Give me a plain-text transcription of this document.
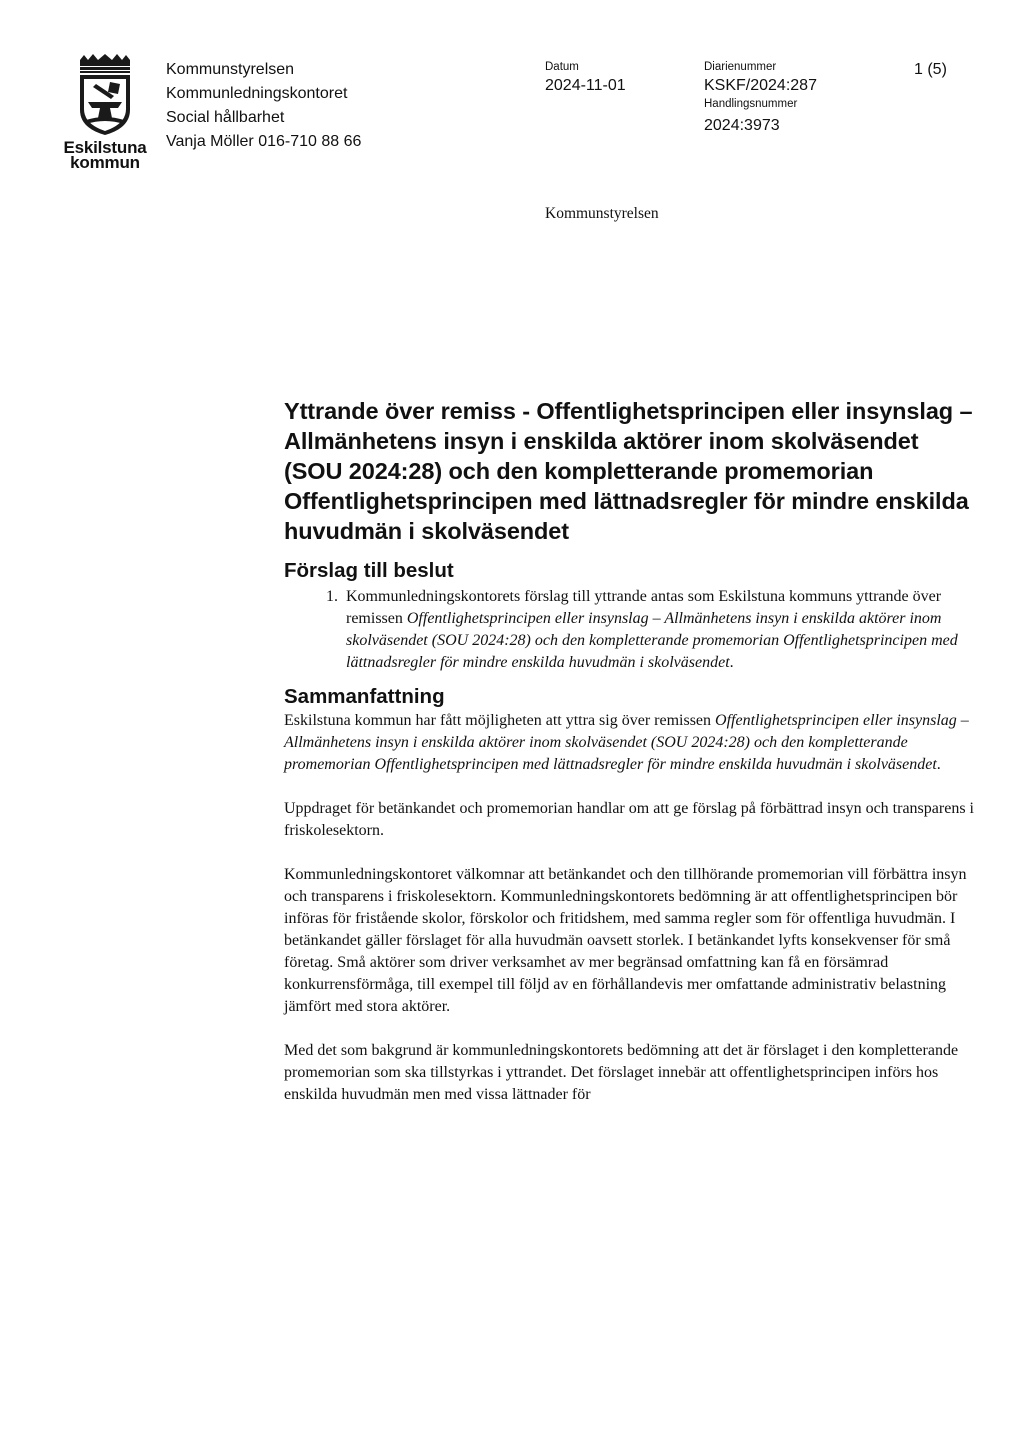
Eskilstuna
kommun
Kommunstyrelsen
Kommunledningskontoret
Social hållbarhet
Vanja Möller 016-710 88 66
Datum
2024-11-01
Diarienummer
KSKF/2024:287
Handlingsnummer
2024:3973
1 (5)
Kommunstyrelsen
Yttrande över remiss - Offentlighetsprincipen eller insynslag – Allmänhetens insyn i enskilda aktörer inom skolväsendet (SOU 2024:28) och den kompletterande promemorian Offentlighetsprincipen med lättnadsregler för mindre enskilda huvudmän i skolväsendet
Förslag till beslut
1. Kommunledningskontorets förslag till yttrande antas som Eskilstuna kommuns yttrande över remissen Offentlighetsprincipen eller insynslag – Allmänhetens insyn i enskilda aktörer inom skolväsendet (SOU 2024:28) och den kompletterande promemorian Offentlighetsprincipen med lättnadsregler för mindre enskilda huvudmän i skolväsendet.
Sammanfattning

Eskilstuna kommun har fått möjligheten att yttra sig över remissen Offentlighetsprincipen eller insynslag – Allmänhetens insyn i enskilda aktörer inom skolväsendet (SOU 2024:28) och den kompletterande promemorian Offentlighetsprincipen med lättnadsregler för mindre enskilda huvudmän i skolväsendet.

Uppdraget för betänkandet och promemorian handlar om att ge förslag på förbättrad insyn och transparens i friskolesektorn.

Kommunledningskontoret välkomnar att betänkandet och den tillhörande promemorian vill förbättra insyn och transparens i friskolesektorn. Kommunledningskontorets bedömning är att offentlighetsprincipen bör införas för fristående skolor, förskolor och fritidshem, med samma regler som för offentliga huvudmän. I betänkandet gäller förslaget för alla huvudmän oavsett storlek. I betänkandet lyfts konsekvenser för små företag. Små aktörer som driver verksamhet av mer begränsad omfattning kan få en försämrad konkurrensförmåga, till exempel till följd av en förhållandevis mer omfattande administrativ belastning jämfört med stora aktörer.

Med det som bakgrund är kommunledningskontorets bedömning att det är förslaget i den kompletterande promemorian som ska tillstyrkas i yttrandet. Det förslaget innebär att offentlighetsprincipen införs hos enskilda huvudmän men med vissa lättnader för
